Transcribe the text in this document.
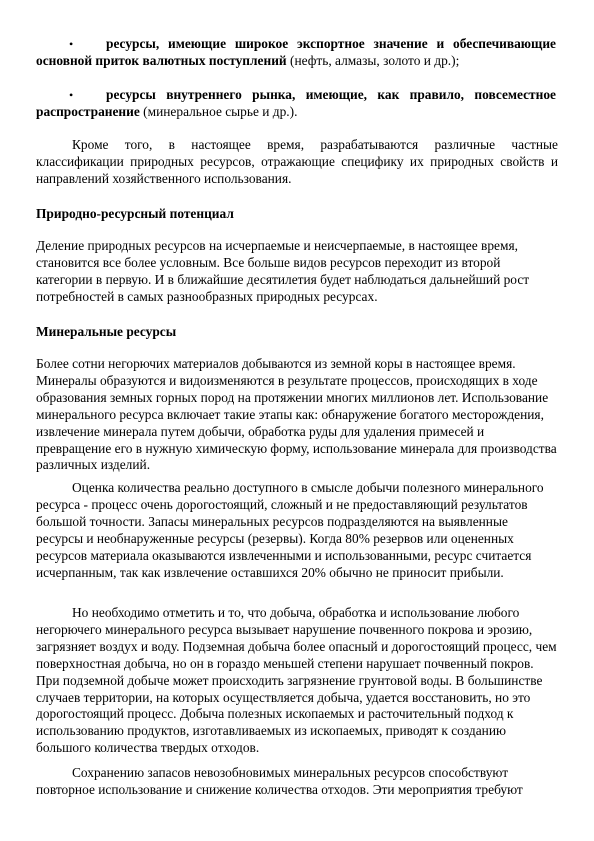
•	ресурсы, имеющие широкое экспортное значение и обеспечивающие основной приток валютных поступлений (нефть, алмазы, золото и др.);
•	ресурсы внутреннего рынка, имеющие, как правило, повсеместное распространение (минеральное сырье и др.).

Кроме того, в настоящее время, разрабатываются различные частные классификации природных ресурсов, отражающие специфику их природных свойств и направлений хозяйственного использования.

Природно-ресурсный потенциал

Деление природных ресурсов на исчерпаемые и неисчерпаемые, в настоящее время, становится все более условным. Все больше видов ресурсов переходит из второй категории в первую. И в ближайшие десятилетия будет наблюдаться дальнейший рост потребностей в самых разнообразных природных ресурсах.

Минеральные ресурсы

Более сотни негорючих материалов добываются из земной коры в настоящее время. Минералы образуются и видоизменяются в результате процессов, происходящих в ходе образования земных горных пород на протяжении многих миллионов лет. Использование минерального ресурса включает такие этапы как: обнаружение богатого месторождения, извлечение минерала путем добычи, обработка руды для удаления примесей и превращение его в нужную химическую форму, использование минерала для производства различных изделий.

Оценка количества реально доступного в смысле добычи полезного минерального ресурса - процесс очень дорогостоящий, сложный и не предоставляющий результатов большой точности. Запасы минеральных ресурсов подразделяются на выявленные ресурсы и необнаруженные ресурсы (резервы). Когда 80% резервов или оцененных ресурсов материала оказываются извлеченными и использованными, ресурс считается исчерпанным, так как извлечение оставшихся 20% обычно не приносит прибыли.

Но необходимо отметить и то, что добыча, обработка и использование любого негорючего минерального ресурса вызывает нарушение почвенного покрова и эрозию, загрязняет воздух и воду. Подземная добыча более опасный и дорогостоящий процесс, чем поверхностная добыча, но он в гораздо меньшей степени нарушает почвенный покров. При подземной добыче может происходить загрязнение грунтовой воды. В большинстве случаев территории, на которых осуществляется добыча, удается восстановить, но это дорогостоящий процесс. Добыча полезных ископаемых и расточительный подход к использованию продуктов, изготавливаемых из ископаемых, приводят к созданию большого количества твердых отходов.

Сохранению запасов невозобновимых минеральных ресурсов способствуют повторное использование и снижение количества отходов. Эти мероприятия требуют
